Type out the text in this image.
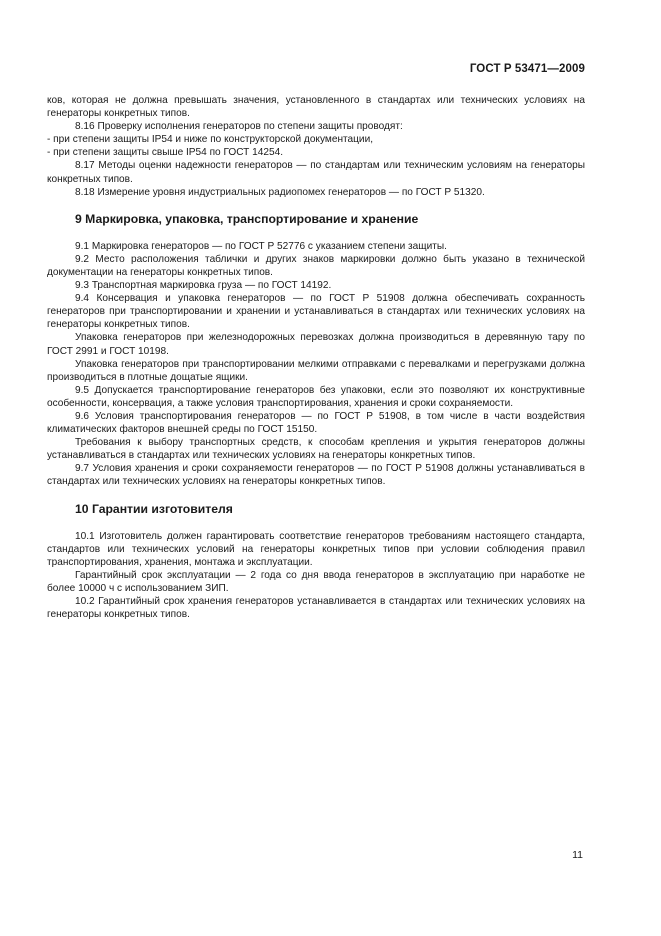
ГОСТ Р 53471—2009

ков, которая не должна превышать значения, установленного в стандартах или технических условиях на генераторы конкретных типов.

8.16 Проверку исполнения генераторов по степени защиты проводят:

- при степени защиты IP54 и ниже по конструкторской документации,

- при степени защиты свыше IP54 по ГОСТ 14254.

8.17 Методы оценки надежности генераторов — по стандартам или техническим условиям на генераторы конкретных типов.

8.18 Измерение уровня индустриальных радиопомех генераторов — по ГОСТ Р 51320.

9 Маркировка, упаковка, транспортирование и хранение

9.1 Маркировка генераторов — по ГОСТ Р 52776 с указанием степени защиты.

9.2 Место расположения таблички и других знаков маркировки должно быть указано в технической документации на генераторы конкретных типов.

9.3 Транспортная маркировка груза — по ГОСТ 14192.

9.4 Консервация и упаковка генераторов — по ГОСТ Р 51908 должна обеспечивать сохранность генераторов при транспортировании и хранении и устанавливаться в стандартах или технических условиях на генераторы конкретных типов.

Упаковка генераторов при железнодорожных перевозках должна производиться в деревянную тару по ГОСТ 2991 и ГОСТ 10198.

Упаковка генераторов при транспортировании мелкими отправками с перевалками и перегрузками должна производиться в плотные дощатые ящики.

9.5 Допускается транспортирование генераторов без упаковки, если это позволяют их конструктивные особенности, консервация, а также условия транспортирования, хранения и сроки сохраняемости.

9.6 Условия транспортирования генераторов — по ГОСТ Р 51908, в том числе в части воздействия климатических факторов внешней среды по ГОСТ 15150.

Требования к выбору транспортных средств, к способам крепления и укрытия генераторов должны устанавливаться в стандартах или технических условиях на генераторы конкретных типов.

9.7 Условия хранения и сроки сохраняемости генераторов — по ГОСТ Р 51908 должны устанавливаться в стандартах или технических условиях на генераторы конкретных типов.

10 Гарантии изготовителя

10.1 Изготовитель должен гарантировать соответствие генераторов требованиям настоящего стандарта, стандартов или технических условий на генераторы конкретных типов при условии соблюдения правил транспортирования, хранения, монтажа и эксплуатации.

Гарантийный срок эксплуатации — 2 года со дня ввода генераторов в эксплуатацию при наработке не более 10000 ч с использованием ЗИП.

10.2 Гарантийный срок хранения генераторов устанавливается в стандартах или технических условиях на генераторы конкретных типов.

11
